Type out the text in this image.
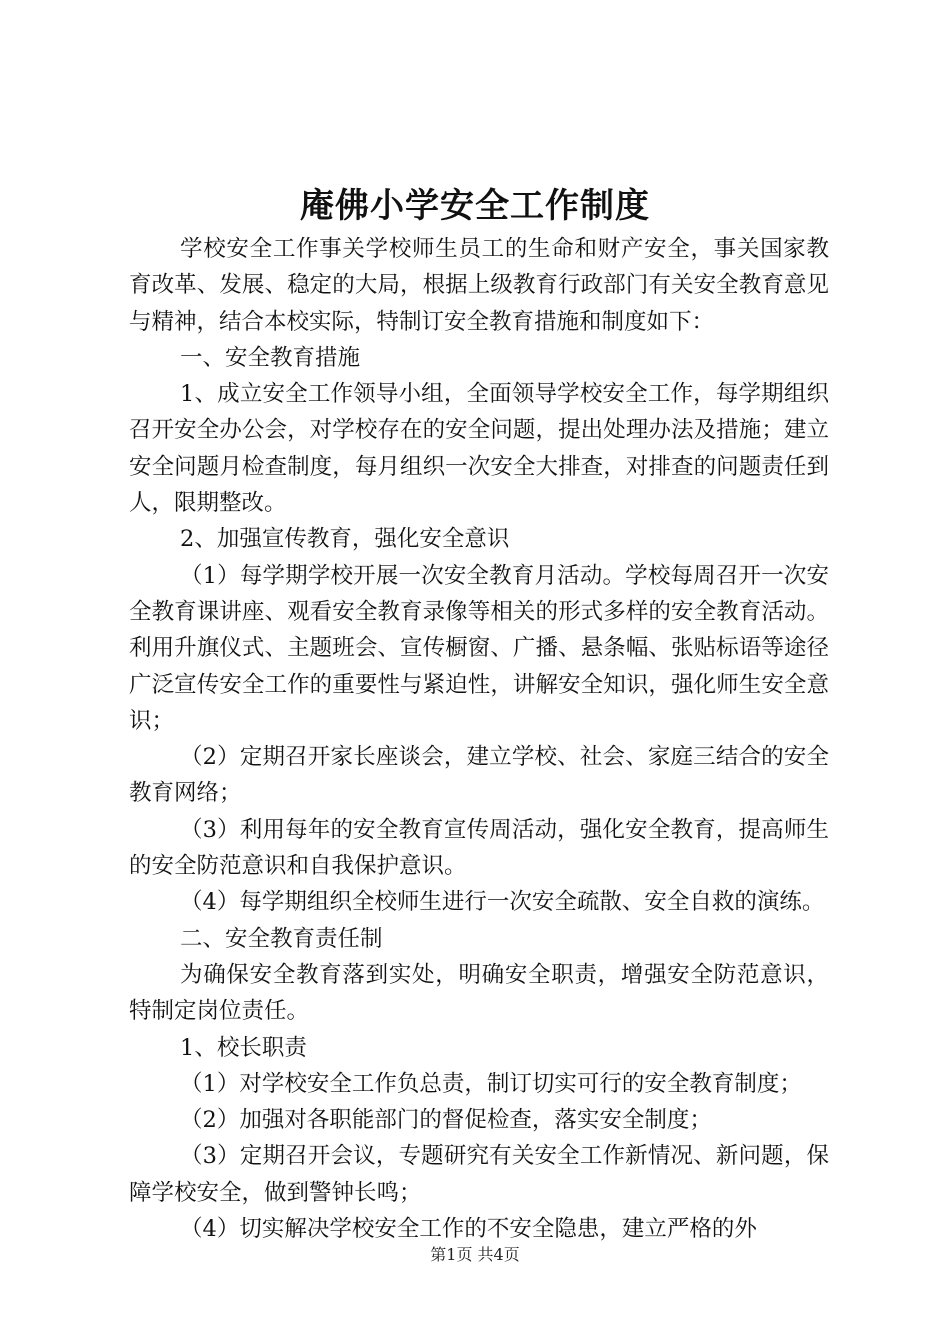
庵佛小学安全工作制度

学校安全工作事关学校师生员工的生命和财产安全，事关国家教育改革、发展、稳定的大局，根据上级教育行政部门有关安全教育意见与精神，结合本校实际，特制订安全教育措施和制度如下：

一、安全教育措施

1、成立安全工作领导小组，全面领导学校安全工作，每学期组织召开安全办公会，对学校存在的安全问题，提出处理办法及措施；建立安全问题月检查制度，每月组织一次安全大排查，对排查的问题责任到人，限期整改。

2、加强宣传教育，强化安全意识

（1）每学期学校开展一次安全教育月活动。学校每周召开一次安全教育课讲座、观看安全教育录像等相关的形式多样的安全教育活动。利用升旗仪式、主题班会、宣传橱窗、广播、悬条幅、张贴标语等途径广泛宣传安全工作的重要性与紧迫性，讲解安全知识，强化师生安全意识；

（2）定期召开家长座谈会，建立学校、社会、家庭三结合的安全教育网络；

（3）利用每年的安全教育宣传周活动，强化安全教育，提高师生的安全防范意识和自我保护意识。

（4）每学期组织全校师生进行一次安全疏散、安全自救的演练。

二、安全教育责任制

为确保安全教育落到实处，明确安全职责，增强安全防范意识，特制定岗位责任。

1、校长职责

（1）对学校安全工作负总责，制订切实可行的安全教育制度；

（2）加强对各职能部门的督促检查，落实安全制度；

（3）定期召开会议，专题研究有关安全工作新情况、新问题，保障学校安全，做到警钟长鸣；

（4）切实解决学校安全工作的不安全隐患，建立严格的外

第1页 共4页
